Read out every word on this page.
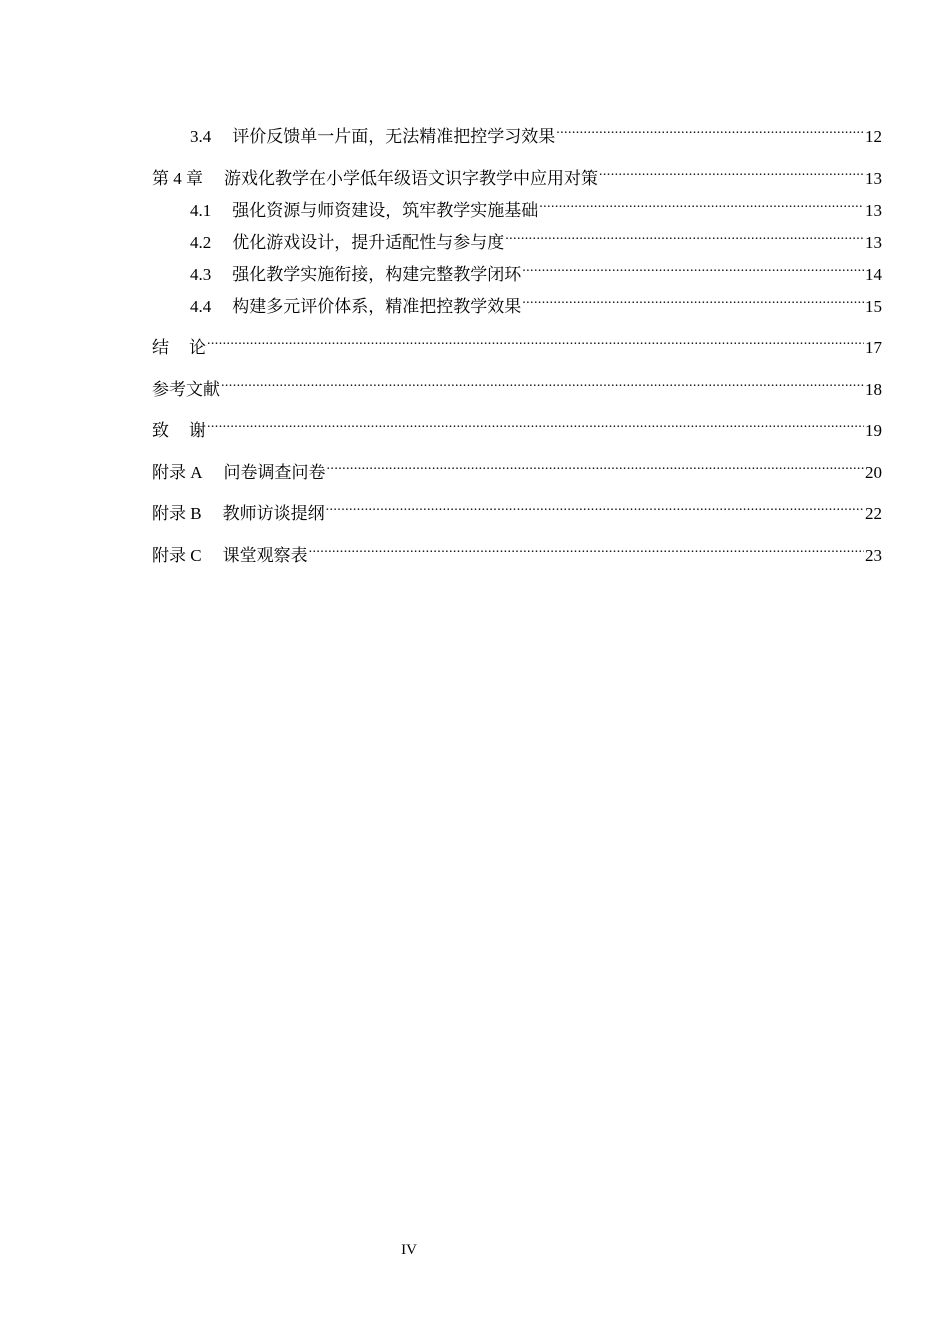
3.4 评价反馈单一片面，无法精准把控学习效果 .....	12
第 4 章 游戏化教学在小学低年级语文识字教学中应用对策 .....	13
4.1 强化资源与师资建设，筑牢教学实施基础 .....	13
4.2 优化游戏设计，提升适配性与参与度 .....	13
4.3 强化教学实施衔接，构建完整教学闭环 .....	14
4.4 构建多元评价体系，精准把控教学效果 .....	15
结 论 .....	17
参考文献 .....	18
致 谢 .....	19
附录 A 问卷调查问卷 .....	20
附录 B 教师访谈提纲 .....	22
附录 C 课堂观察表 .....	23
IV
